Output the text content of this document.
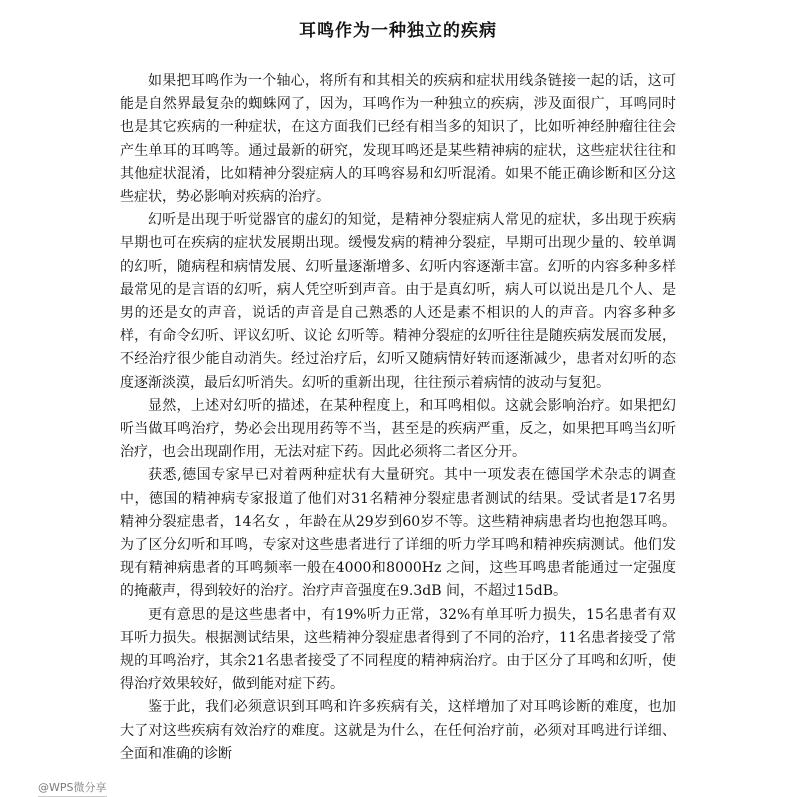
耳鸣作为一种独立的疾病

如果把耳鸣作为一个轴心，将所有和其相关的疾病和症状用线条链接一起的话，这可能是自然界最复杂的蜘蛛网了，因为，耳鸣作为一种独立的疾病，涉及面很广，耳鸣同时也是其它疾病的一种症状，在这方面我们已经有相当多的知识了，比如听神经肿瘤往往会产生单耳的耳鸣等。通过最新的研究，发现耳鸣还是某些精神病的症状，这些症状往往和其他症状混淆，比如精神分裂症病人的耳鸣容易和幻听混淆。如果不能正确诊断和区分这些症状，势必影响对疾病的治疗。

幻听是出现于听觉器官的虚幻的知觉，是精神分裂症病人常见的症状，多出现于疾病早期也可在疾病的症状发展期出现。缓慢发病的精神分裂症，早期可出现少量的、较单调的幻听，随病程和病情发展、幻听量逐渐增多、幻听内容逐渐丰富。幻听的内容多种多样最常见的是言语的幻听，病人凭空听到声音。由于是真幻听，病人可以说出是几个人、是男的还是女的声音，说话的声音是自己熟悉的人还是素不相识的人的声音。内容多种多样，有命令幻听、评议幻听、议论 幻听等。精神分裂症的幻听往往是随疾病发展而发展，不经治疗很少能自动消失。经过治疗后，幻听又随病情好转而逐渐减少，患者对幻听的态度逐渐淡漠，最后幻听消失。幻听的重新出现，往往预示着病情的波动与复犯。

显然，上述对幻听的描述，在某种程度上，和耳鸣相似。这就会影响治疗。如果把幻听当做耳鸣治疗，势必会出现用药等不当，甚至是的疾病严重，反之，如果把耳鸣当幻听治疗，也会出现副作用，无法对症下药。因此必须将二者区分开。

获悉,德国专家早已对着两种症状有大量研究。其中一项发表在德国学术杂志的调查中，德国的精神病专家报道了他们对31名精神分裂症患者测试的结果。受试者是17名男 精神分裂症患者，14名女 ，年龄在从29岁到60岁不等。这些精神病患者均也抱怨耳鸣。为了区分幻听和耳鸣，专家对这些患者进行了详细的听力学耳鸣和精神疾病测试。他们发现有精神病患者的耳鸣频率一般在4000和8000Hz 之间，这些耳鸣患者能通过一定强度的掩蔽声，得到较好的治疗。治疗声音强度在9.3dB 间，不超过15dB。

更有意思的是这些患者中，有19%听力正常，32%有单耳听力损失，15名患者有双耳听力损失。根据测试结果，这些精神分裂症患者得到了不同的治疗，11名患者接受了常规的耳鸣治疗，其余21名患者接受了不同程度的精神病治疗。由于区分了耳鸣和幻听，使得治疗效果较好，做到能对症下药。

鉴于此，我们必须意识到耳鸣和许多疾病有关，这样增加了对耳鸣诊断的难度，也加大了对这些疾病有效治疗的难度。这就是为什么，在任何治疗前，必须对耳鸣进行详细、全面和准确的诊断

@WPS微分享
